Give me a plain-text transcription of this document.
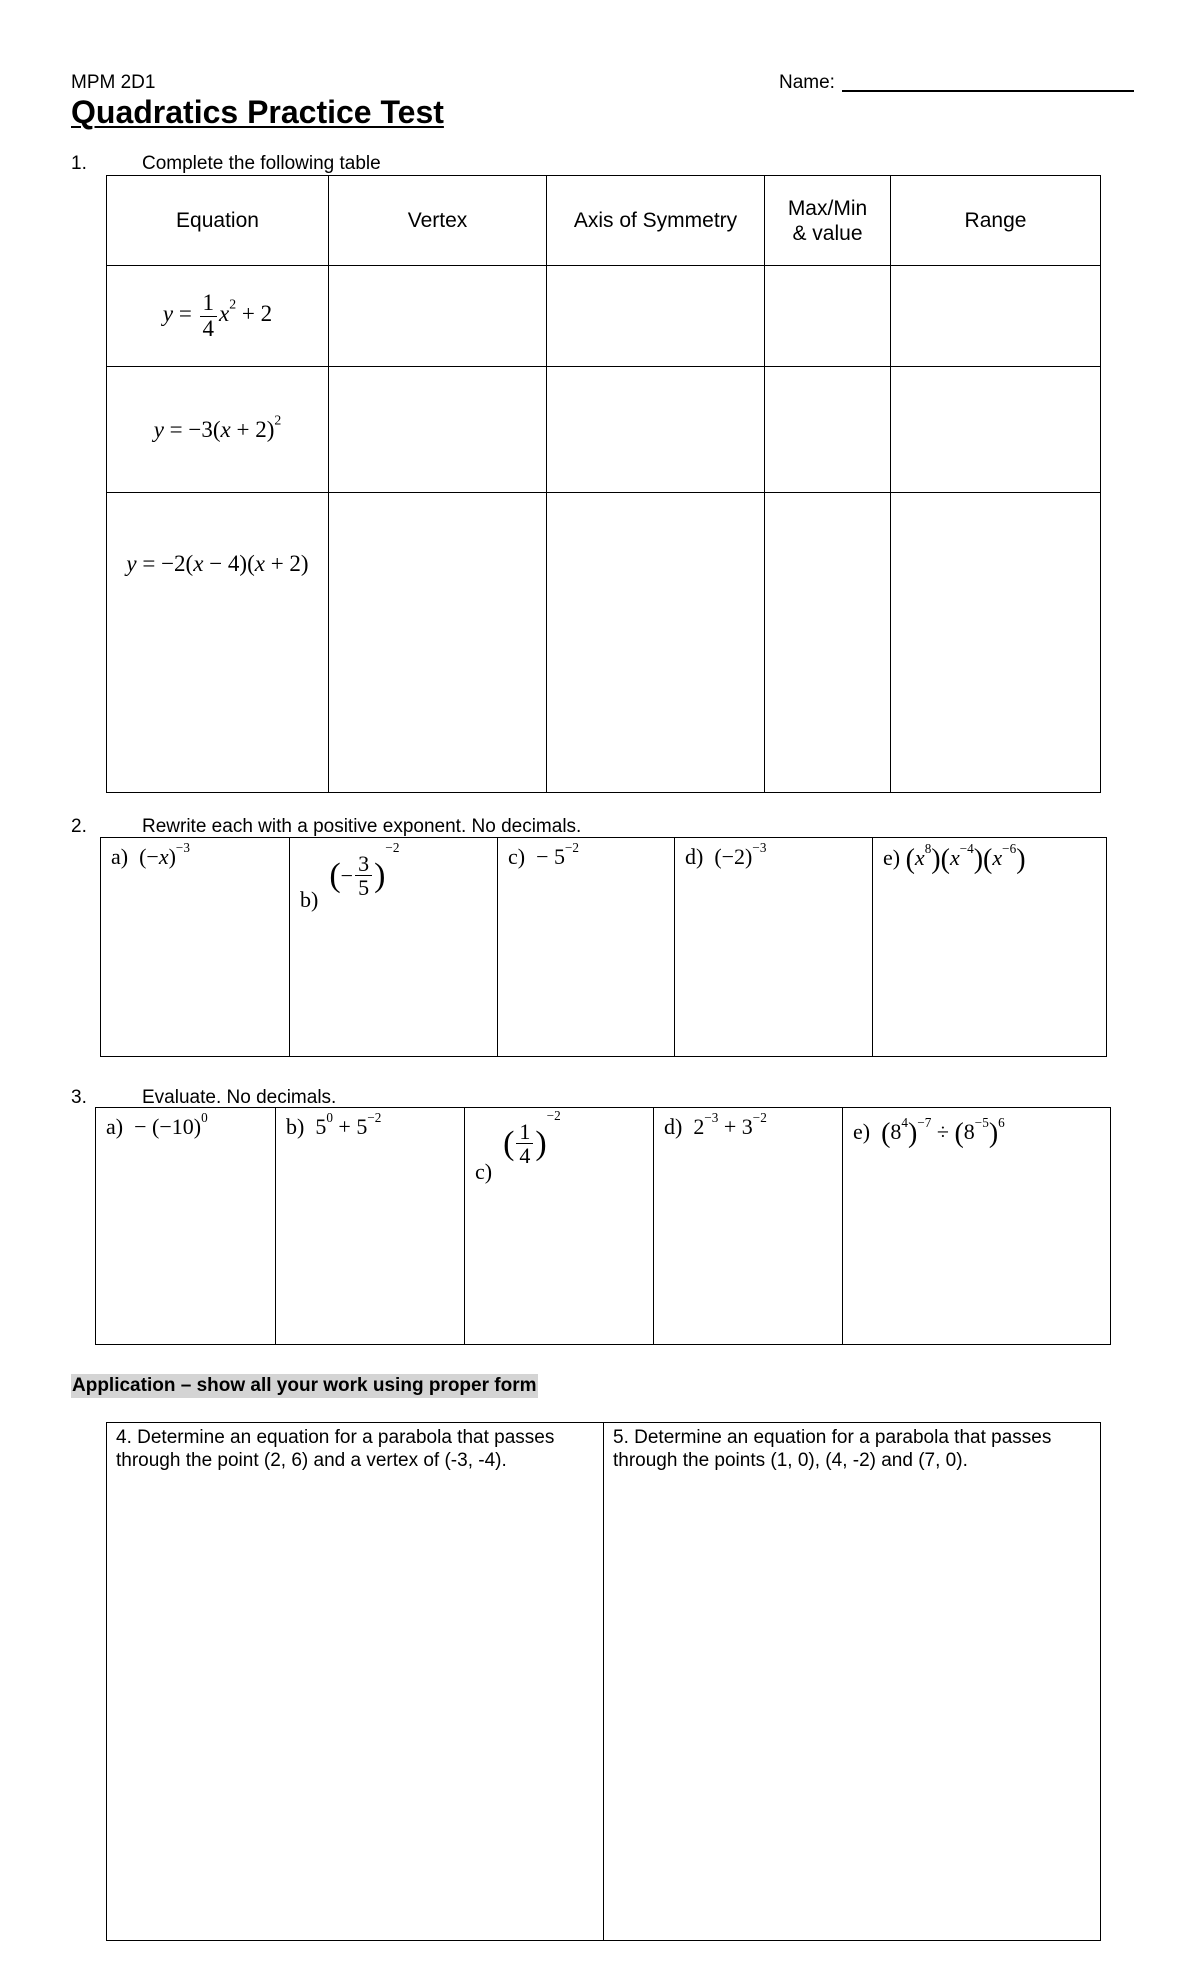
MPM 2D1	Name:
Quadratics Practice Test
1.	Complete the following table
Equation	Vertex	Axis of Symmetry	Max/Min & value	Range
$y = \frac{1}{4} x^2 + 2$				
$y = -3(x + 2)^2$				
y = −2(x − 4)(x + 2)				
2.	Rewrite each with a positive exponent. No decimals.
a)  $(-x)^{-3}$	b)  (− $\frac{3}{5} )^{-2}$	$c) - 5^{-2}$	d)  $(-2)^{-3}$	e) $(x^8)(x^{-4})(x^{-6})$
3.	Evaluate. No decimals.
$a) - (-10)^0$	b)  $5^0 + 5^{-2}$	c)  ( $\frac{1}{4} )^{-2}$	d)  $2^{-3} + 3^{-2}$	e)  $(8^4)^{-7} \div (8^{-5})^6$
Application – show all your work using proper form
4. Determine an equation for a parabola that passes through the point (2, 6) and a vertex of (-3, -4).	5. Determine an equation for a parabola that passes through the points (1, 0), (4, -2) and (7, 0).
